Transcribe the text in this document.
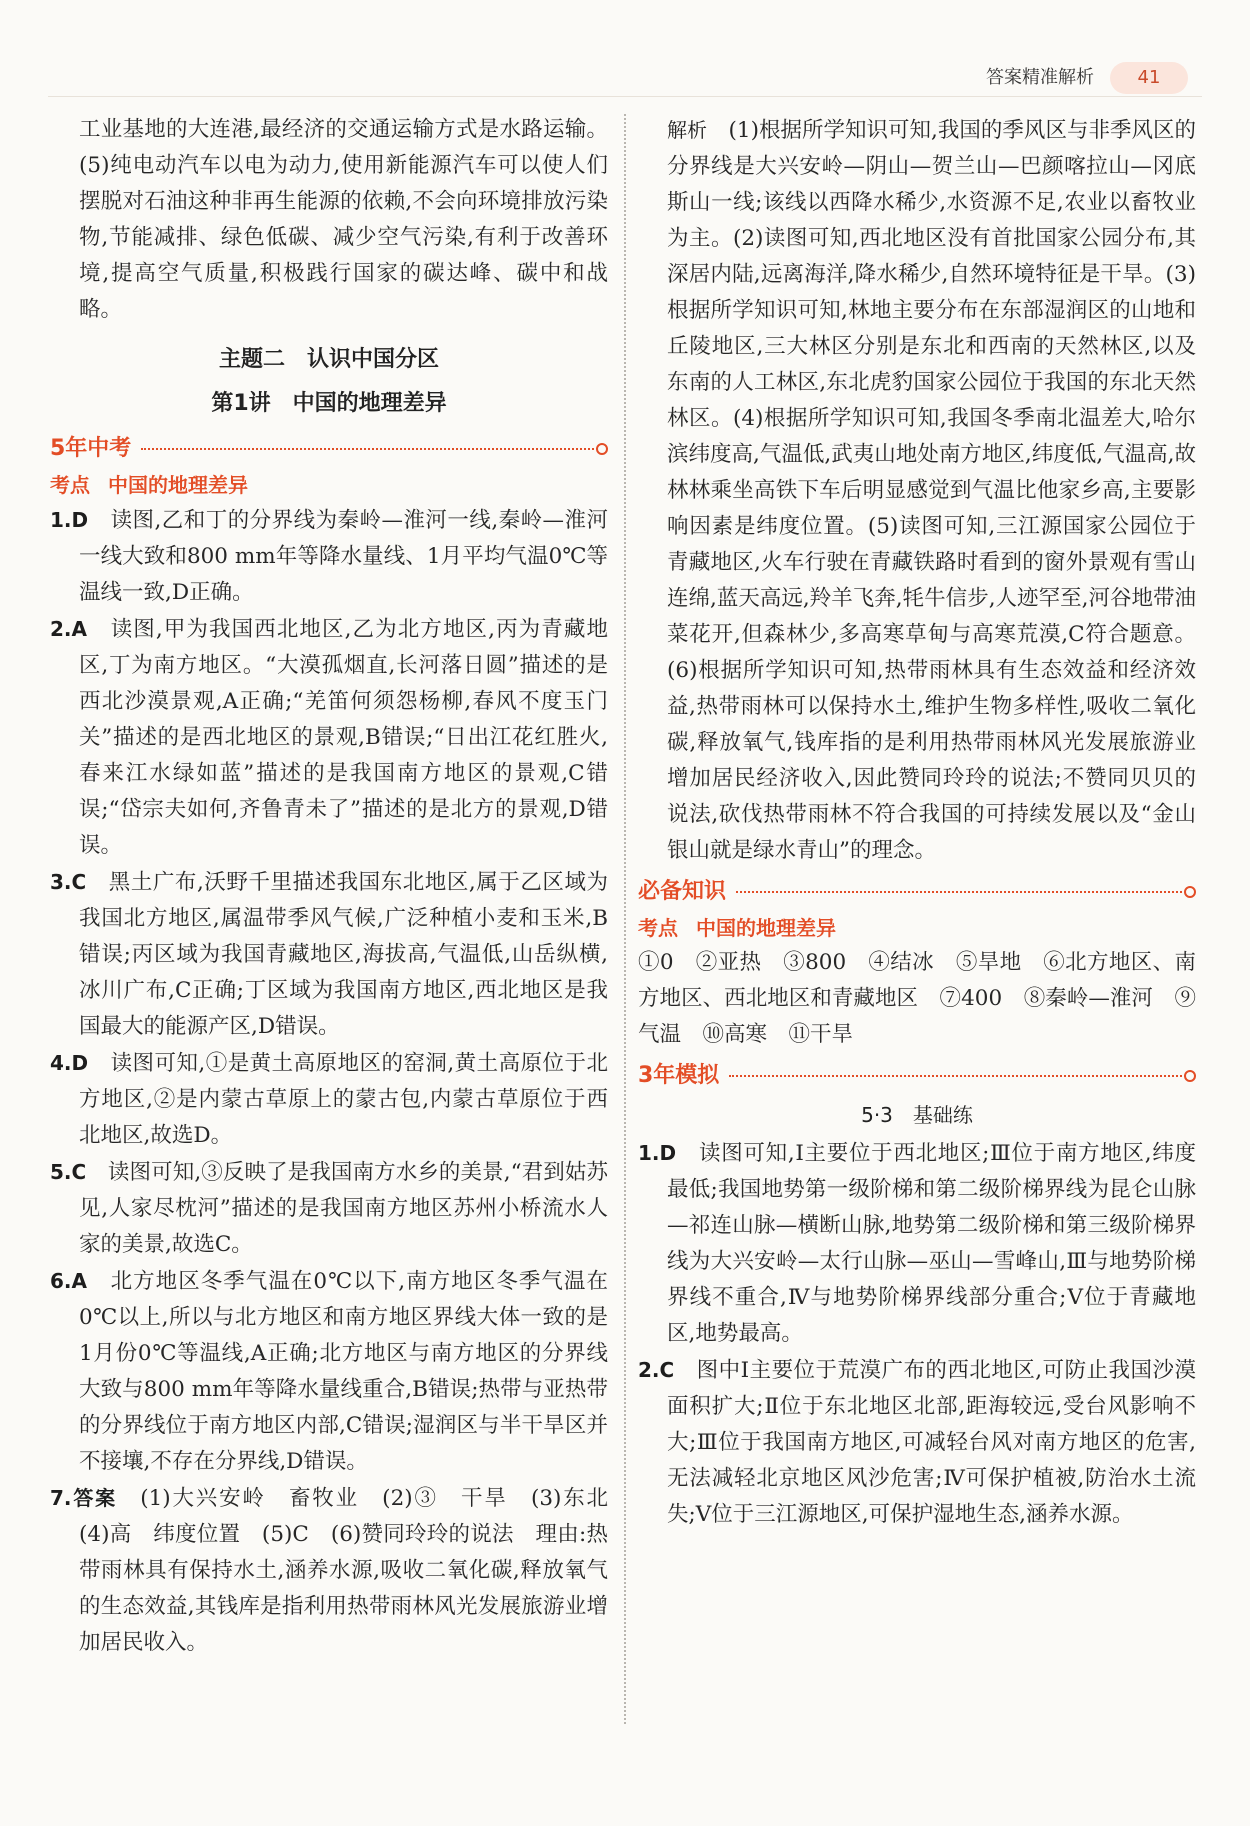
答案精准解析	41

工业基地的大连港,最经济的交通运输方式是水路运输。(5)纯电动汽车以电为动力,使用新能源汽车可以使人们摆脱对石油这种非再生能源的依赖,不会向环境排放污染物,节能减排、绿色低碳、减少空气污染,有利于改善环境,提高空气质量,积极践行国家的碳达峰、碳中和战略。

主题二　认识中国分区
第1讲　中国的地理差异
5年中考
考点 中国的地理差异

1.D　 读图,乙和丁的分界线为秦岭—淮河一线,秦岭—淮河一线大致和800 mm年等降水量线、1月平均气温0℃等温线一致,D正确。

2.A　 读图,甲为我国西北地区,乙为北方地区,丙为青藏地区,丁为南方地区。“大漠孤烟直,长河落日圆”描述的是西北沙漠景观,A正确;“羌笛何须怨杨柳,春风不度玉门关”描述的是西北地区的景观,B错误;“日出江花红胜火,春来江水绿如蓝”描述的是我国南方地区的景观,C错误;“岱宗夫如何,齐鲁青未了”描述的是北方的景观,D错误。

3.C　 黑土广布,沃野千里描述我国东北地区,属于乙区域为我国北方地区,属温带季风气候,广泛种植小麦和玉米,B错误;丙区域为我国青藏地区,海拔高,气温低,山岳纵横,冰川广布,C正确;丁区域为我国南方地区,西北地区是我国最大的能源产区,D错误。

4.D　 读图可知,①是黄土高原地区的窑洞,黄土高原位于北方地区,②是内蒙古草原上的蒙古包,内蒙古草原位于西北地区,故选D。

5.C　 读图可知,③反映了是我国南方水乡的美景,“君到姑苏见,人家尽枕河”描述的是我国南方地区苏州小桥流水人家的美景,故选C。

6.A　 北方地区冬季气温在0℃以下,南方地区冬季气温在0℃以上,所以与北方地区和南方地区界线大体一致的是1月份0℃等温线,A正确;北方地区与南方地区的分界线大致与800 mm年等降水量线重合,B错误;热带与亚热带的分界线位于南方地区内部,C错误;湿润区与半干旱区并不接壤,不存在分界线,D错误。

7.答案　 (1)大兴安岭　畜牧业　(2)③　干旱　(3)东北　(4)高　纬度位置　(5)C　(6)赞同玲玲的说法　理由:热带雨林具有保持水土,涵养水源,吸收二氧化碳,释放氧气的生态效益,其钱库是指利用热带雨林风光发展旅游业增加居民收入。

解析　 (1)根据所学知识可知,我国的季风区与非季风区的分界线是大兴安岭—阴山—贺兰山—巴颜喀拉山—冈底斯山一线;该线以西降水稀少,水资源不足,农业以畜牧业为主。(2)读图可知,西北地区没有首批国家公园分布,其深居内陆,远离海洋,降水稀少,自然环境特征是干旱。(3)根据所学知识可知,林地主要分布在东部湿润区的山地和丘陵地区,三大林区分别是东北和西南的天然林区,以及东南的人工林区,东北虎豹国家公园位于我国的东北天然林区。(4)根据所学知识可知,我国冬季南北温差大,哈尔滨纬度高,气温低,武夷山地处南方地区,纬度低,气温高,故林林乘坐高铁下车后明显感觉到气温比他家乡高,主要影响因素是纬度位置。(5)读图可知,三江源国家公园位于青藏地区,火车行驶在青藏铁路时看到的窗外景观有雪山连绵,蓝天高远,羚羊飞奔,牦牛信步,人迹罕至,河谷地带油菜花开,但森林少,多高寒草甸与高寒荒漠,C符合题意。(6)根据所学知识可知,热带雨林具有生态效益和经济效益,热带雨林可以保持水土,维护生物多样性,吸收二氧化碳,释放氧气,钱库指的是利用热带雨林风光发展旅游业增加居民经济收入,因此赞同玲玲的说法;不赞同贝贝的说法,砍伐热带雨林不符合我国的可持续发展以及“金山银山就是绿水青山”的理念。

必备知识
考点 中国的地理差异

①0　②亚热　③800　④结冰　⑤旱地　⑥北方地区、南方地区、西北地区和青藏地区　⑦400　⑧秦岭—淮河　⑨气温　⑩高寒　⑪干旱

3年模拟
5·3　基础练

1.D　 读图可知,Ⅰ主要位于西北地区;Ⅲ位于南方地区,纬度最低;我国地势第一级阶梯和第二级阶梯界线为昆仑山脉—祁连山脉—横断山脉,地势第二级阶梯和第三级阶梯界线为大兴安岭—太行山脉—巫山—雪峰山,Ⅲ与地势阶梯界线不重合,Ⅳ与地势阶梯界线部分重合;Ⅴ位于青藏地区,地势最高。

2.C　 图中Ⅰ主要位于荒漠广布的西北地区,可防止我国沙漠面积扩大;Ⅱ位于东北地区北部,距海较远,受台风影响不大;Ⅲ位于我国南方地区,可减轻台风对南方地区的危害,无法减轻北京地区风沙危害;Ⅳ可保护植被,防治水土流失;Ⅴ位于三江源地区,可保护湿地生态,涵养水源。
